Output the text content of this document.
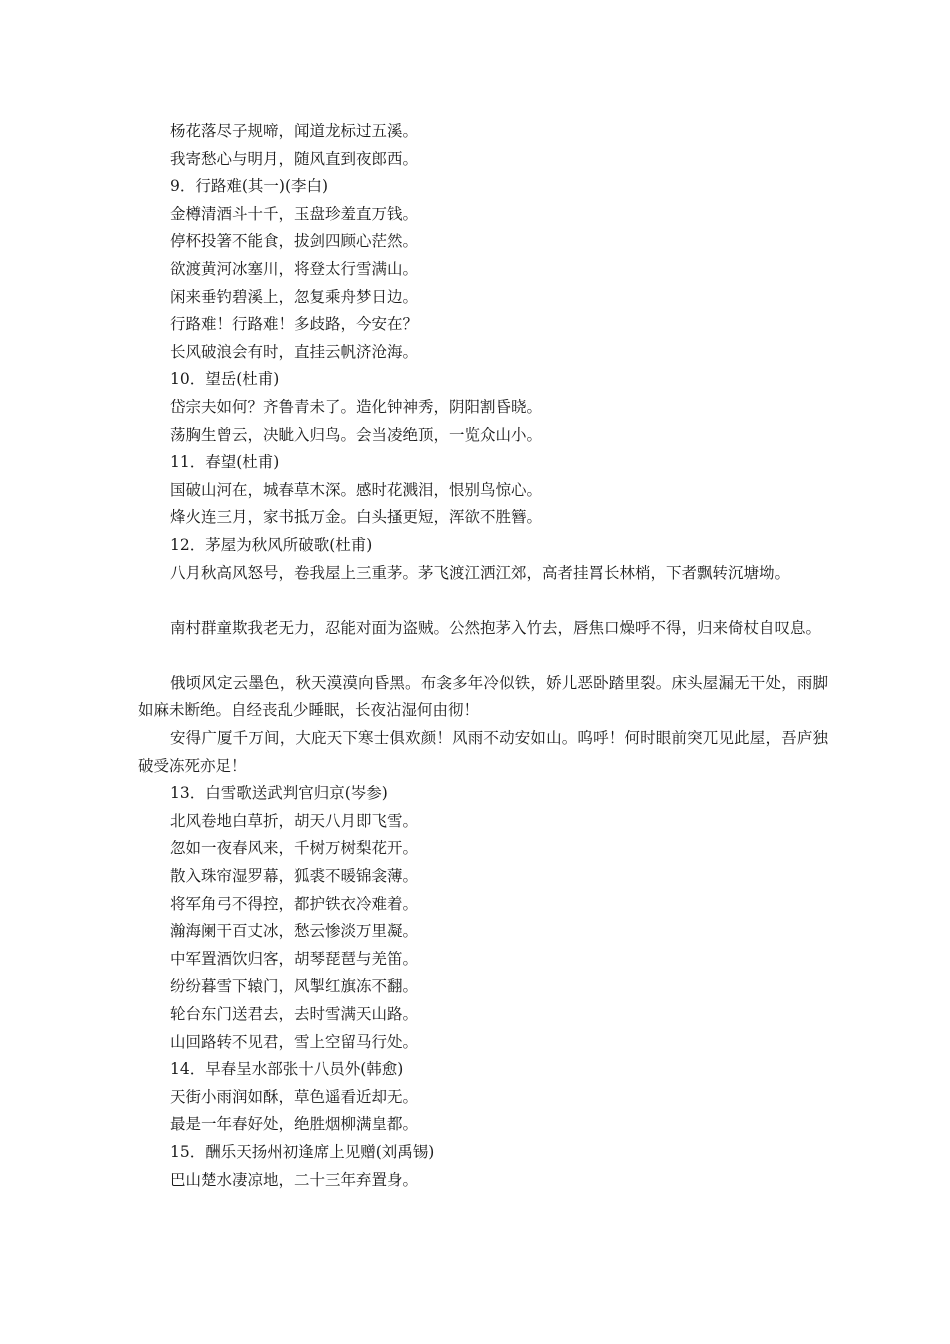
杨花落尽子规啼，闻道龙标过五溪。
我寄愁心与明月，随风直到夜郎西。
9．行路难(其一)(李白)
金樽清酒斗十千，玉盘珍羞直万钱。
停杯投箸不能食，拔剑四顾心茫然。
欲渡黄河冰塞川，将登太行雪满山。
闲来垂钓碧溪上，忽复乘舟梦日边。
行路难！行路难！多歧路，今安在？
长风破浪会有时，直挂云帆济沧海。
10．望岳(杜甫)
岱宗夫如何？齐鲁青未了。造化钟神秀，阴阳割昏晓。
荡胸生曾云，决眦入归鸟。会当凌绝顶，一览众山小。
11．春望(杜甫)
国破山河在，城春草木深。感时花溅泪，恨别鸟惊心。
烽火连三月，家书抵万金。白头搔更短，浑欲不胜簪。
12．茅屋为秋风所破歌(杜甫)

八月秋高风怒号，卷我屋上三重茅。茅飞渡江洒江郊，高者挂罥长林梢，下者飘转沉塘坳。

南村群童欺我老无力，忍能对面为盗贼。公然抱茅入竹去，唇焦口燥呼不得，归来倚杖自叹息。

俄顷风定云墨色，秋天漠漠向昏黑。布衾多年冷似铁，娇儿恶卧踏里裂。床头屋漏无干处，雨脚如麻未断绝。自经丧乱少睡眠，长夜沾湿何由彻！

安得广厦千万间，大庇天下寒士俱欢颜！风雨不动安如山。呜呼！何时眼前突兀见此屋，吾庐独破受冻死亦足！

13．白雪歌送武判官归京(岑参)
北风卷地白草折，胡天八月即飞雪。
忽如一夜春风来，千树万树梨花开。
散入珠帘湿罗幕，狐裘不暖锦衾薄。
将军角弓不得控，都护铁衣冷难着。
瀚海阑干百丈冰，愁云惨淡万里凝。
中军置酒饮归客，胡琴琵琶与羌笛。
纷纷暮雪下辕门，风掣红旗冻不翻。
轮台东门送君去，去时雪满天山路。
山回路转不见君，雪上空留马行处。
14．早春呈水部张十八员外(韩愈)
天街小雨润如酥，草色遥看近却无。
最是一年春好处，绝胜烟柳满皇都。
15．酬乐天扬州初逢席上见赠(刘禹锡)
巴山楚水凄凉地，二十三年弃置身。
